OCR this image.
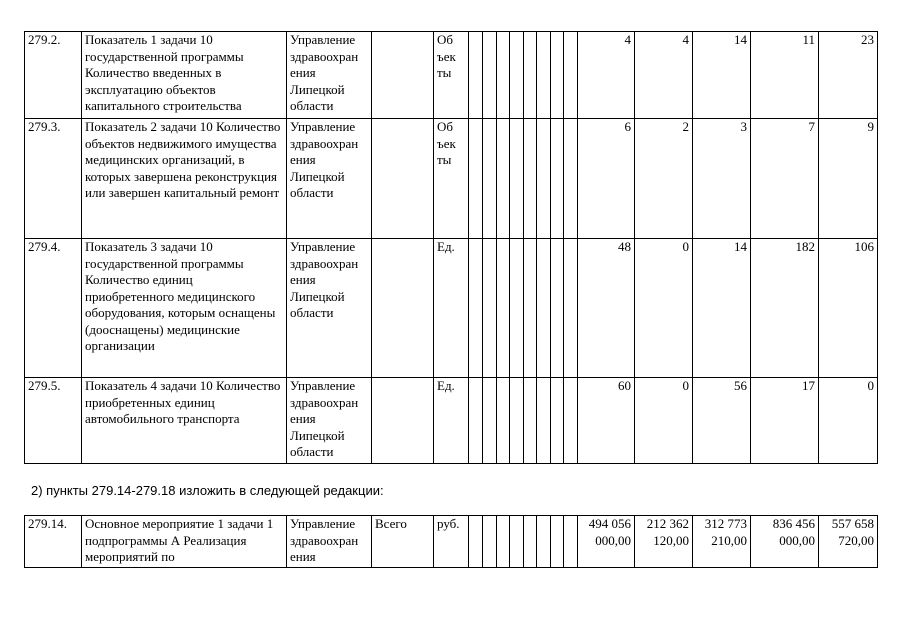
279.2.	Показатель 1 задачи 10 государственной программы Количество введенных в эксплуатацию объектов капитального строительства	Управление здравоохран ения Липецкой области		Об ъек ты									4	4	14	11	23
279.3.	Показатель 2 задачи 10 Количество объектов недвижимого имущества медицинских организаций, в которых завершена реконструкция или завершен капитальный ремонт	Управление здравоохран ения Липецкой области		Об ъек ты									6	2	3	7	9
279.4.	Показатель 3 задачи 10 государственной программы Количество единиц приобретенного медицинского оборудования, которым оснащены (дооснащены) медицинские организации	Управление здравоохран ения Липецкой области		Ед.									48	0	14	182	106
279.5.	Показатель 4 задачи 10 Количество приобретенных единиц автомобильного транспорта	Управление здравоохран ения Липецкой области		Ед.									60	0	56	17	0
2) пункты 279.14-279.18 изложить в следующей редакции:
279.14.	Основное мероприятие 1 задачи 1 подпрограммы А Реализация мероприятий по	Управление здравоохран ения	Всего	руб.									494 056 000,00	212 362 120,00	312 773 210,00	836 456 000,00	557 658 720,00
